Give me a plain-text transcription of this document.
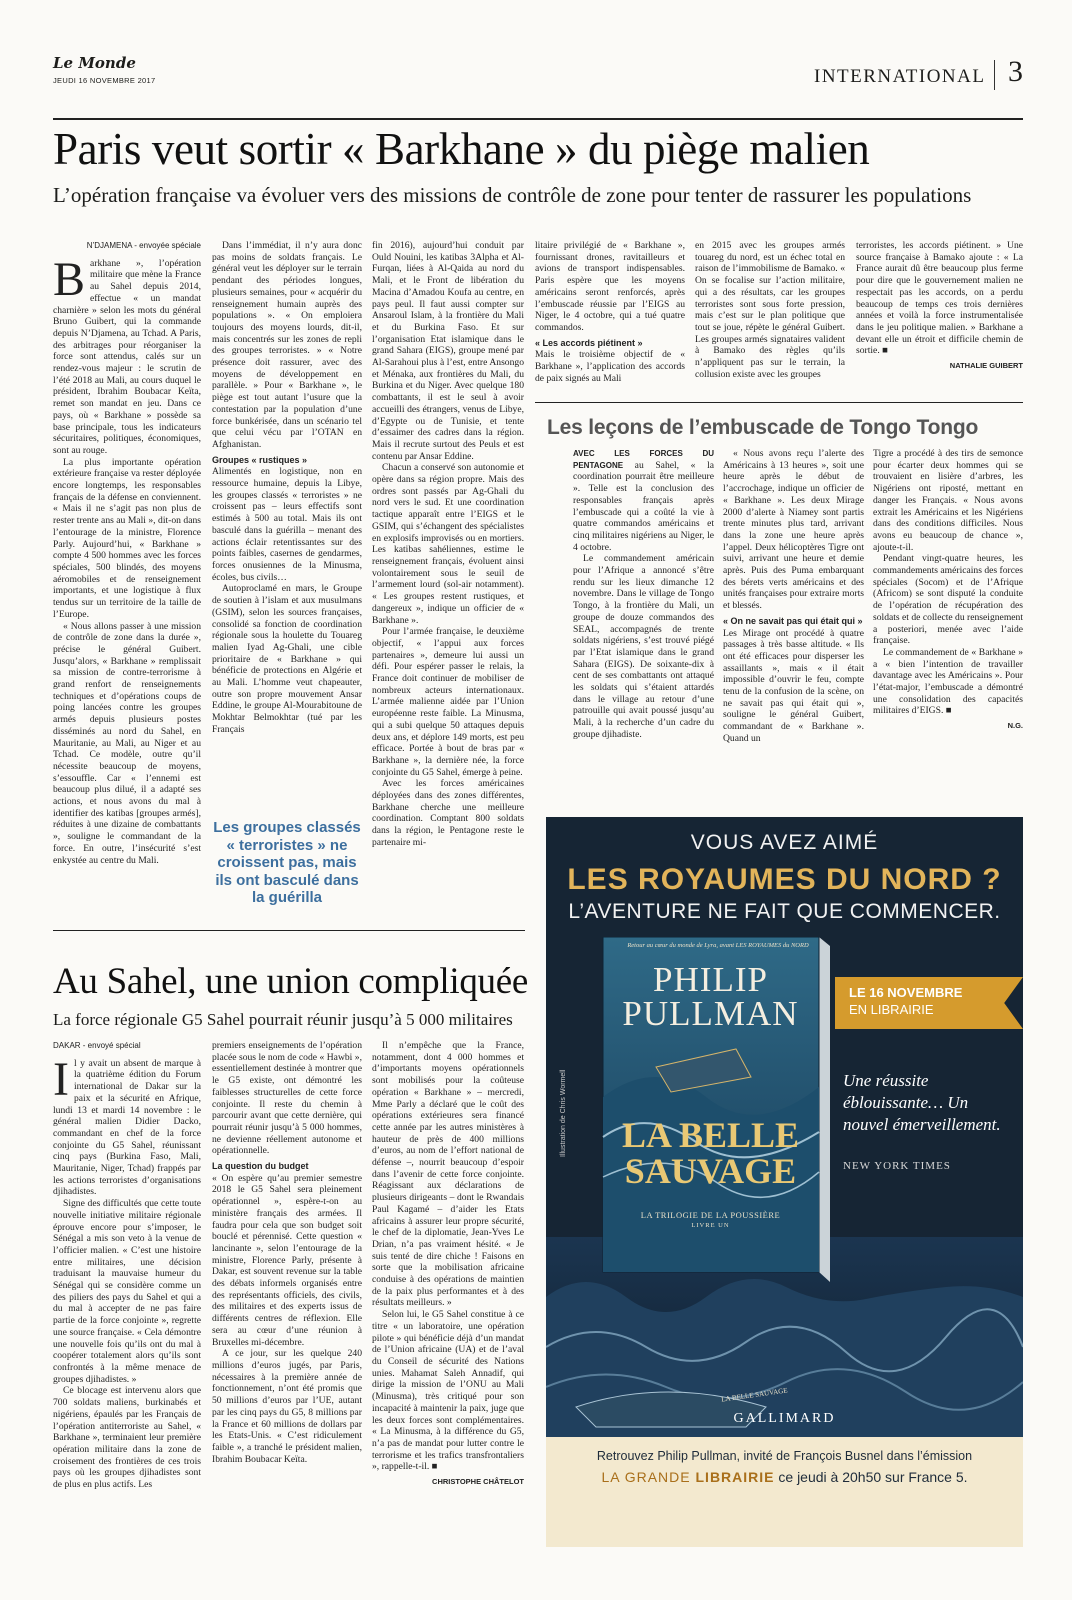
Le Monde
JEUDI 16 NOVEMBRE 2017	INTERNATIONAL 3
Paris veut sortir « Barkhane » du piège malien
L’opération française va évoluer vers des missions de contrôle de zone pour tenter de rassurer les populations
N’DJAMENA - envoyée spéciale

Barkhane », l’opération militaire que mène la France au Sahel depuis 2014, effectue « un mandat charnière » selon les mots du général Bruno Guibert, qui la commande depuis N’Djamena, au Tchad. A Paris, des arbitrages pour réorganiser la force sont attendus, calés sur un rendez-vous majeur : le scrutin de l’été 2018 au Mali, au cours duquel le président, Ibrahim Boubacar Keïta, remet son mandat en jeu. Dans ce pays, où « Barkhane » possède sa base principale, tous les indicateurs sécuritaires, politiques, économiques, sont au rouge.

La plus importante opération extérieure française va rester déployée encore longtemps, les responsables français de la défense en conviennent. « Mais il ne s’agit pas non plus de rester trente ans au Mali », dit-on dans l’entourage de la ministre, Florence Parly. Aujourd’hui, « Barkhane » compte 4 500 hommes avec les forces spéciales, 500 blindés, des moyens aéromobiles et de renseignement importants, et une logistique à flux tendus sur un territoire de la taille de l’Europe.

« Nous allons passer à une mission de contrôle de zone dans la durée », précise le général Guibert. Jusqu’alors, « Barkhane » remplissait sa mission de contre-terrorisme à grand renfort de renseignements techniques et d’opérations coups de poing lancées contre les groupes armés depuis plusieurs postes disséminés au nord du Sahel, en Mauritanie, au Mali, au Niger et au Tchad. Ce modèle, outre qu’il nécessite beaucoup de moyens, s’essouffle. Car « l’ennemi est beaucoup plus dilué, il a adapté ses actions, et nous avons du mal à identifier des katibas [groupes armés], réduites à une dizaine de combattants », souligne le commandant de la force. En outre, l’insécurité s’est enkystée au centre du Mali.

Dans l’immédiat, il n’y aura donc pas moins de soldats français. Le général veut les déployer sur le terrain pendant des périodes longues, plusieurs semaines, pour « acquérir du renseignement humain auprès des populations ». « On emploiera toujours des moyens lourds, dit-il, mais concentrés sur les zones de repli des groupes terroristes. » « Notre présence doit rassurer, avec des moyens de développement en parallèle. » Pour « Barkhane », le piège est tout autant l’usure que la contestation par la population d’une force bunkérisée, dans un scénario tel que celui vécu par l’OTAN en Afghanistan.

Groupes « rustiques »

Alimentés en logistique, non en ressource humaine, depuis la Libye, les groupes classés « terroristes » ne croissent pas – leurs effectifs sont estimés à 500 au total. Mais ils ont basculé dans la guérilla – menant des actions éclair retentissantes sur des points faibles, casernes de gendarmes, forces onusiennes de la Minusma, écoles, bus civils…

Autoproclamé en mars, le Groupe de soutien à l’islam et aux musulmans (GSIM), selon les sources françaises, consolidé sa fonction de coordination régionale sous la houlette du Touareg malien Iyad Ag-Ghali, une cible prioritaire de « Barkhane » qui bénéficie de protections en Algérie et au Mali. L’homme veut chapeauter, outre son propre mouvement Ansar Eddine, le groupe Al-Mourabitoune de Mokhtar Belmokhtar (tué par les Français

Les groupes classés « terroristes » ne croissent pas, mais ils ont basculé dans la guérilla

fin 2016), aujourd’hui conduit par Ould Nouini, les katibas 3Alpha et Al-Furqan, liées à Al-Qaida au nord du Mali, et le Front de libération du Macina d’Amadou Koufa au centre, en pays peul. Il faut aussi compter sur Ansaroul Islam, à la frontière du Mali et du Burkina Faso. Et sur l’organisation Etat islamique dans le grand Sahara (EIGS), groupe mené par Al-Sarahoui plus à l’est, entre Ansongo et Ménaka, aux frontières du Mali, du Burkina et du Niger. Avec quelque 180 combattants, il est le seul à avoir accueilli des étrangers, venus de Libye, d’Egypte ou de Tunisie, et tente d’essaimer des cadres dans la région. Mais il recrute surtout des Peuls et est contenu par Ansar Eddine.

Chacun a conservé son autonomie et opère dans sa région propre. Mais des ordres sont passés par Ag-Ghali du nord vers le sud. Et une coordination tactique apparaît entre l’EIGS et le GSIM, qui s’échangent des spécialistes en explosifs improvisés ou en mortiers. Les katibas sahéliennes, estime le renseignement français, évoluent ainsi volontairement sous le seuil de l’armement lourd (sol-air notamment). « Les groupes restent rustiques, et dangereux », indique un officier de « Barkhane ».

Pour l’armée française, le deuxième objectif, « l’appui aux forces partenaires », demeure lui aussi un défi. Pour espérer passer le relais, la France doit continuer de mobiliser de nombreux acteurs internationaux. L’armée malienne aidée par l’Union européenne reste faible. La Minusma, qui a subi quelque 50 attaques depuis deux ans, et déplore 149 morts, est peu efficace. Portée à bout de bras par « Barkhane », la dernière née, la force conjointe du G5 Sahel, émerge à peine.

Avec les forces américaines déployées dans des zones différentes, Barkhane cherche une meilleure coordination. Comptant 800 soldats dans la région, le Pentagone reste le partenaire mi-

litaire privilégié de « Barkhane », fournissant drones, ravitailleurs et avions de transport indispensables. Paris espère que les moyens américains seront renforcés, après l’embuscade réussie par l’EIGS au Niger, le 4 octobre, qui a tué quatre commandos.

« Les accords piétinent »

Mais le troisième objectif de « Barkhane », l’application des accords de paix signés au Mali

en 2015 avec les groupes armés touareg du nord, est un échec total en raison de l’immobilisme de Bamako. « On se focalise sur l’action militaire, qui a des résultats, car les groupes terroristes sont sous forte pression, mais c’est sur le plan politique que tout se joue, répète le général Guibert. Les groupes armés signataires valident à Bamako des règles qu’ils n’appliquent pas sur le terrain, la collusion existe avec les groupes

terroristes, les accords piétinent. » Une source française à Bamako ajoute : « La France aurait dû être beaucoup plus ferme pour dire que le gouvernement malien ne respectait pas les accords, on a perdu beaucoup de temps ces trois dernières années et voilà la force instrumentalisée dans le jeu politique malien. » Barkhane a devant elle un étroit et difficile chemin de sortie. ■

NATHALIE GUIBERT
Les leçons de l’embuscade de Tongo Tongo

AVEC LES FORCES DU PENTAGONE au Sahel, « la coordination pourrait être meilleure ». Telle est la conclusion des responsables français après l’embuscade qui a coûté la vie à quatre commandos américains et cinq militaires nigériens au Niger, le 4 octobre.

Le commandement américain pour l’Afrique a annoncé s’être rendu sur les lieux dimanche 12 novembre. Dans le village de Tongo Tongo, à la frontière du Mali, un groupe de douze commandos des SEAL, accompagnés de trente soldats nigériens, s’est trouvé piégé par l’Etat islamique dans le grand Sahara (EIGS). De soixante-dix à cent de ses combattants ont attaqué les soldats qui s’étaient attardés dans le village au retour d’une patrouille qui avait poussé jusqu’au Mali, à la recherche d’un cadre du groupe djihadiste.

« Nous avons reçu l’alerte des Américains à 13 heures », soit une heure après le début de l’accrochage, indique un officier de « Barkhane ». Les deux Mirage 2000 d’alerte à Niamey sont partis trente minutes plus tard, arrivant dans la zone une heure après l’appel. Deux hélicoptères Tigre ont suivi, arrivant une heure et demie après. Puis des Puma embarquant des bérets verts américains et des unités françaises pour extraire morts et blessés.

« On ne savait pas qui était qui »

Les Mirage ont procédé à quatre passages à très basse altitude. « Ils ont été efficaces pour disperser les assaillants », mais « il était impossible d’ouvrir le feu, compte tenu de la confusion de la scène, on ne savait pas qui était qui », souligne le général Guibert, commandant de « Barkhane ». Quand un

Tigre a procédé à des tirs de semonce pour écarter deux hommes qui se trouvaient en lisière d’arbres, les Nigériens ont riposté, mettant en danger les Français. « Nous avons extrait les Américains et les Nigériens dans des conditions difficiles. Nous avons eu beaucoup de chance », ajoute-t-il.

Pendant vingt-quatre heures, les commandements américains des forces spéciales (Socom) et de l’Afrique (Africom) se sont disputé la conduite de l’opération de récupération des soldats et de collecte du renseignement a posteriori, menée avec l’aide française.

Le commandement de « Barkhane » a « bien l’intention de travailler davantage avec les Américains ». Pour l’état-major, l’embuscade a démontré une consolidation des capacités militaires d’EIGS. ■

N.G.
Au Sahel, une union compliquée
La force régionale G5 Sahel pourrait réunir jusqu’à 5 000 militaires
DAKAR - envoyé spécial

Il y avait un absent de marque à la quatrième édition du Forum international de Dakar sur la paix et la sécurité en Afrique, lundi 13 et mardi 14 novembre : le général malien Didier Dacko, commandant en chef de la force conjointe du G5 Sahel, réunissant cinq pays (Burkina Faso, Mali, Mauritanie, Niger, Tchad) frappés par les actions terroristes d’organisations djihadistes.

Signe des difficultés que cette toute nouvelle initiative militaire régionale éprouve encore pour s’imposer, le Sénégal a mis son veto à la venue de l’officier malien. « C’est une histoire entre militaires, une décision traduisant la mauvaise humeur du Sénégal qui se considère comme un des piliers des pays du Sahel et qui a du mal à accepter de ne pas faire partie de la force conjointe », regrette une source française. « Cela démontre une nouvelle fois qu’ils ont du mal à coopérer totalement alors qu’ils sont confrontés à la même menace de groupes djihadistes. »

Ce blocage est intervenu alors que 700 soldats maliens, burkinabés et nigériens, épaulés par les Français de l’opération antiterroriste au Sahel, « Barkhane », terminaient leur première opération militaire dans la zone de croisement des frontières de ces trois pays où les groupes djihadistes sont de plus en plus actifs. Les

premiers enseignements de l’opération placée sous le nom de code « Hawbi », essentiellement destinée à montrer que le G5 existe, ont démontré les faiblesses structurelles de cette force conjointe. Il reste du chemin à parcourir avant que cette dernière, qui pourrait réunir jusqu’à 5 000 hommes, ne devienne réellement autonome et opérationnelle.

La question du budget

« On espère qu’au premier semestre 2018 le G5 Sahel sera pleinement opérationnel », espère-t-on au ministère français des armées. Il faudra pour cela que son budget soit bouclé et pérennisé. Cette question « lancinante », selon l’entourage de la ministre, Florence Parly, présente à Dakar, est souvent revenue sur la table des débats informels organisés entre des représentants officiels, des civils, des militaires et des experts issus de différents centres de réflexion. Elle sera au cœur d’une réunion à Bruxelles mi-décembre.

A ce jour, sur les quelque 240 millions d’euros jugés, par Paris, nécessaires à la première année de fonctionnement, n’ont été promis que 50 millions d’euros par l’UE, autant par les cinq pays du G5, 8 millions par la France et 60 millions de dollars par les Etats-Unis. « C’est ridiculement faible », a tranché le président malien, Ibrahim Boubacar Keïta.

Il n’empêche que la France, notamment, dont 4 000 hommes et d’importants moyens opérationnels sont mobilisés pour la coûteuse opération « Barkhane » – mercredi, Mme Parly a déclaré que le coût des opérations extérieures sera financé cette année par les autres ministères à hauteur de près de 400 millions d’euros, au nom de l’effort national de défense –, nourrit beaucoup d’espoir dans l’avenir de cette force conjointe. Réagissant aux déclarations de plusieurs dirigeants – dont le Rwandais Paul Kagamé – d’aider les Etats africains à assurer leur propre sécurité, le chef de la diplomatie, Jean-Yves Le Drian, n’a pas vraiment hésité. « Je suis tenté de dire chiche ! Faisons en sorte que la mobilisation africaine conduise à des opérations de maintien de la paix plus performantes et à des résultats meilleurs. »

Selon lui, le G5 Sahel constitue à ce titre « un laboratoire, une opération pilote » qui bénéficie déjà d’un mandat de l’Union africaine (UA) et de l’aval du Conseil de sécurité des Nations unies. Mahamat Saleh Annadif, qui dirige la mission de l’ONU au Mali (Minusma), très critiqué pour son incapacité à maintenir la paix, juge que les deux forces sont complémentaires. « La Minusma, à la différence du G5, n’a pas de mandat pour lutter contre le terrorisme et les trafics transfrontaliers », rappelle-t-il. ■

CHRISTOPHE CHÂTELOT
VOUS AVEZ AIMÉ
LES ROYAUMES DU NORD ?
L’AVENTURE NE FAIT QUE COMMENCER.
Retour au cœur du monde de Lyra, avant LES ROYAUMES du NORD
PHILIP PULLMAN
LA BELLE
SAUVAGE
LA TRILOGIE DE LA POUSSIÈRE
LIVRE UN
LA BELLE SAUVAGE
Illustration de Chris Wormell
LE 16 NOVEMBRE
EN LIBRAIRIE
Une réussite éblouissante… Un nouvel émerveillement.
NEW YORK TIMES
GALLIMARD
Retrouvez Philip Pullman, invité de François Busnel dans l’émission
LA GRANDE LIBRAIRIE ce jeudi à 20h50 sur France 5.
